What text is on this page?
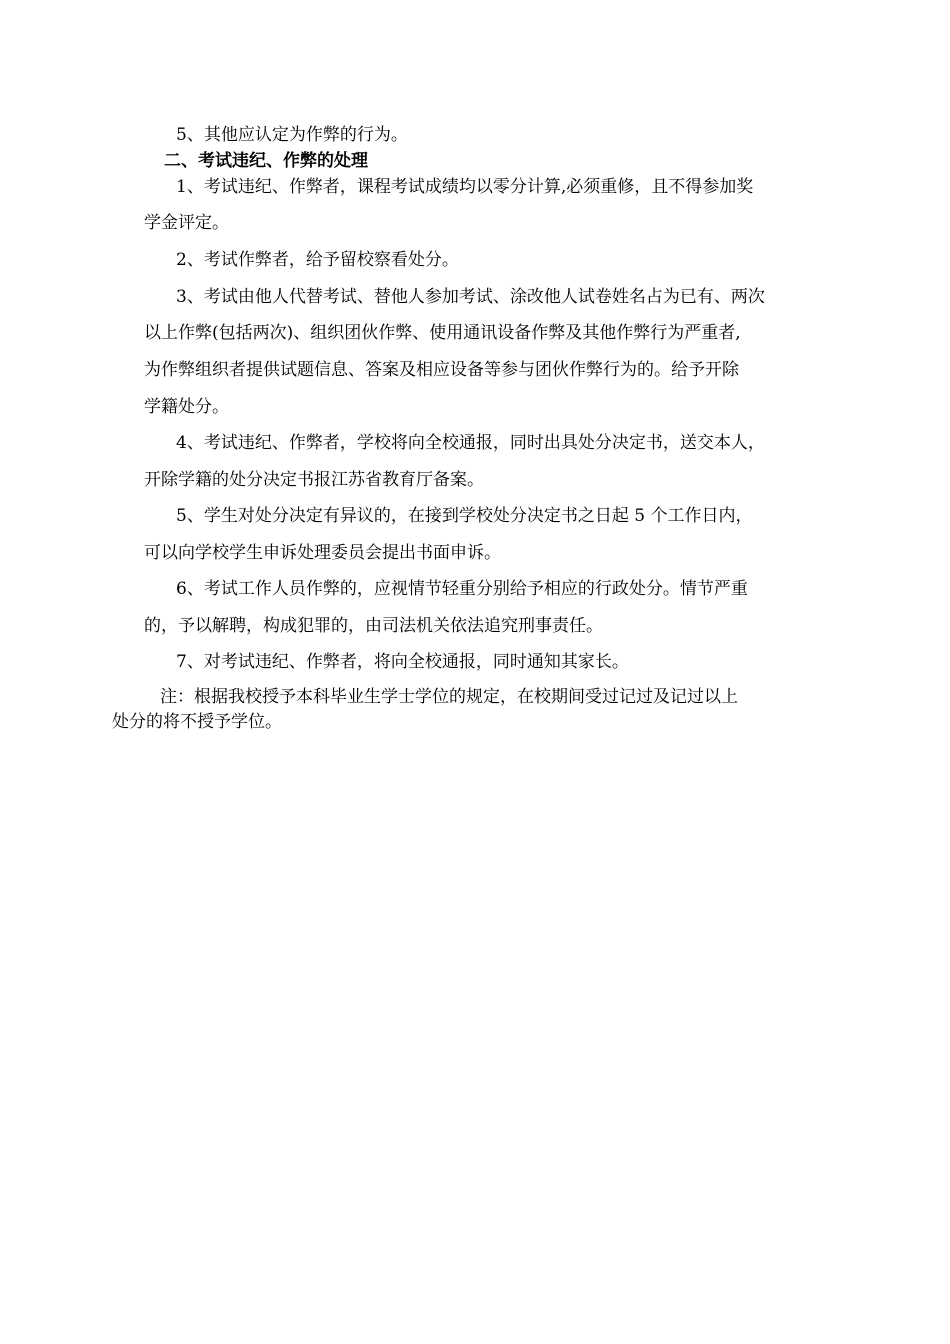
5、其他应认定为作弊的行为。
二、考试违纪、作弊的处理
1、考试违纪、作弊者，课程考试成绩均以零分计算,必须重修，且不得参加奖
学金评定。
2、考试作弊者，给予留校察看处分。
3、考试由他人代替考试、替他人参加考试、涂改他人试卷姓名占为已有、两次
以上作弊(包括两次)、组织团伙作弊、使用通讯设备作弊及其他作弊行为严重者,
为作弊组织者提供试题信息、答案及相应设备等参与团伙作弊行为的。给予开除
学籍处分。
4、考试违纪、作弊者，学校将向全校通报，同时出具处分决定书，送交本人，
开除学籍的处分决定书报江苏省教育厅备案。
5、学生对处分决定有异议的，在接到学校处分决定书之日起 5 个工作日内，
可以向学校学生申诉处理委员会提出书面申诉。
6、考试工作人员作弊的，应视情节轻重分别给予相应的行政处分。情节严重
的，予以解聘，构成犯罪的，由司法机关依法追究刑事责任。
7、对考试违纪、作弊者，将向全校通报，同时通知其家长。
注：根据我校授予本科毕业生学士学位的规定，在校期间受过记过及记过以上
处分的将不授予学位。
